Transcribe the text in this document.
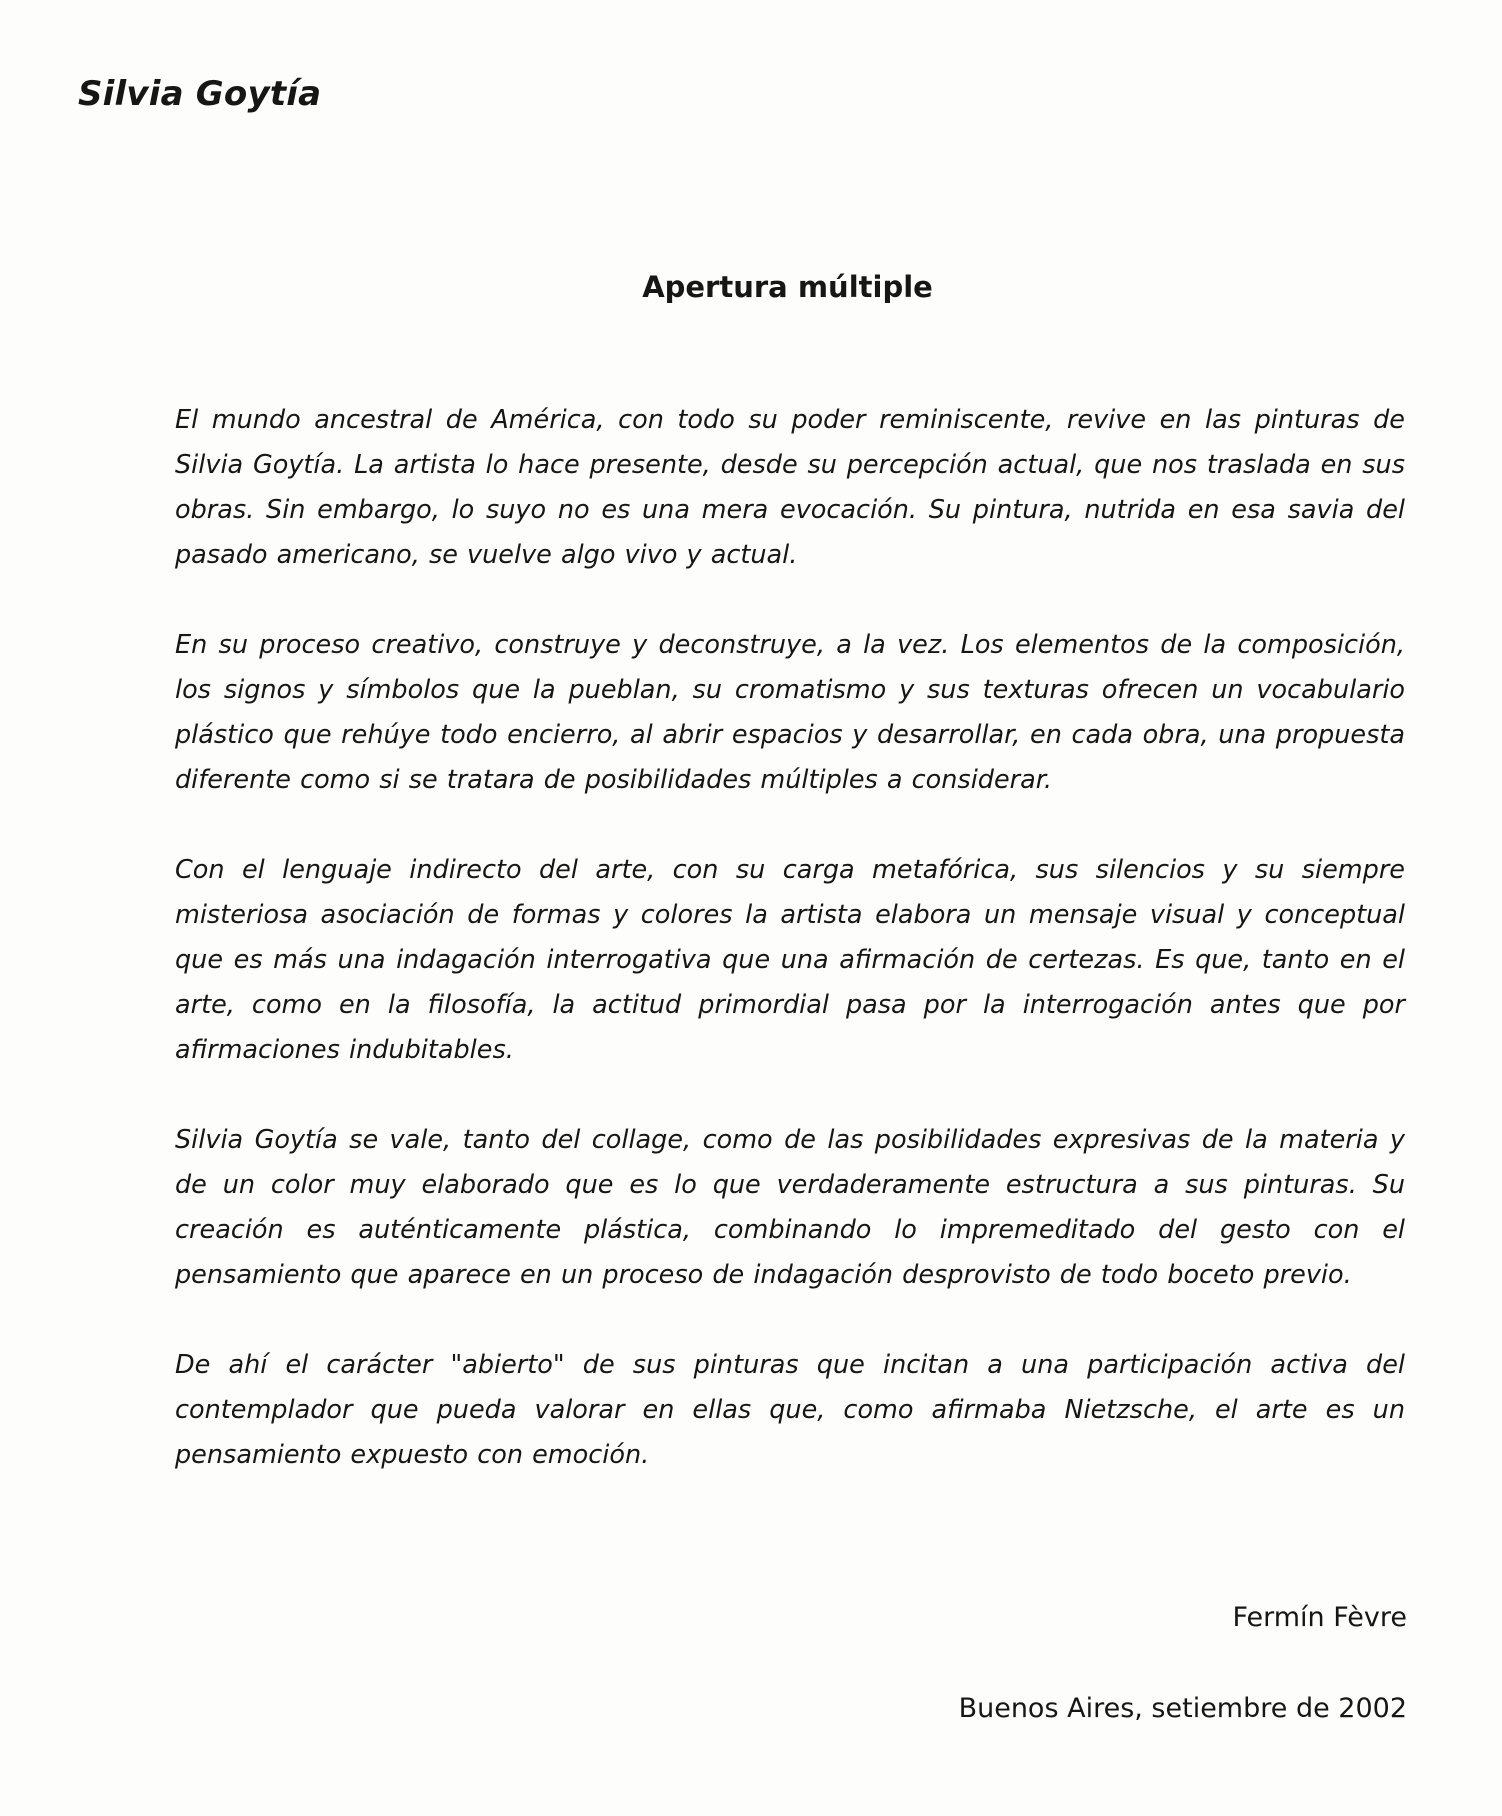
Silvia Goytía
Apertura múltiple

El mundo ancestral de América, con todo su poder reminiscente, revive en las pinturas de Silvia Goytía. La artista lo hace presente, desde su percepción actual, que nos traslada en sus obras. Sin embargo, lo suyo no es una mera evocación. Su pintura, nutrida en esa savia del pasado americano, se vuelve algo vivo y actual.

En su proceso creativo, construye y deconstruye, a la vez. Los elementos de la composición, los signos y símbolos que la pueblan, su cromatismo y sus texturas ofrecen un vocabulario plástico que rehúye todo encierro, al abrir espacios y desarrollar, en cada obra, una propuesta diferente como si se tratara de posibilidades múltiples a considerar.

Con el lenguaje indirecto del arte, con su carga metafórica, sus silencios y su siempre misteriosa asociación de formas y colores la artista elabora un mensaje visual y conceptual que es más una indagación interrogativa que una afirmación de certezas. Es que, tanto en el arte, como en la filosofía, la actitud primordial pasa por la interrogación antes que por afirmaciones indubitables.

Silvia Goytía se vale, tanto del collage, como de las posibilidades expresivas de la materia y de un color muy elaborado que es lo que verdaderamente estructura a sus pinturas. Su creación es auténticamente plástica, combinando lo impremeditado del gesto con el pensamiento que aparece en un proceso de indagación desprovisto de todo boceto previo.

De ahí el carácter "abierto" de sus pinturas que incitan a una participación activa del contemplador que pueda valorar en ellas que, como afirmaba Nietzsche, el arte es un pensamiento expuesto con emoción.

Fermín Fèvre

Buenos Aires, setiembre de 2002
